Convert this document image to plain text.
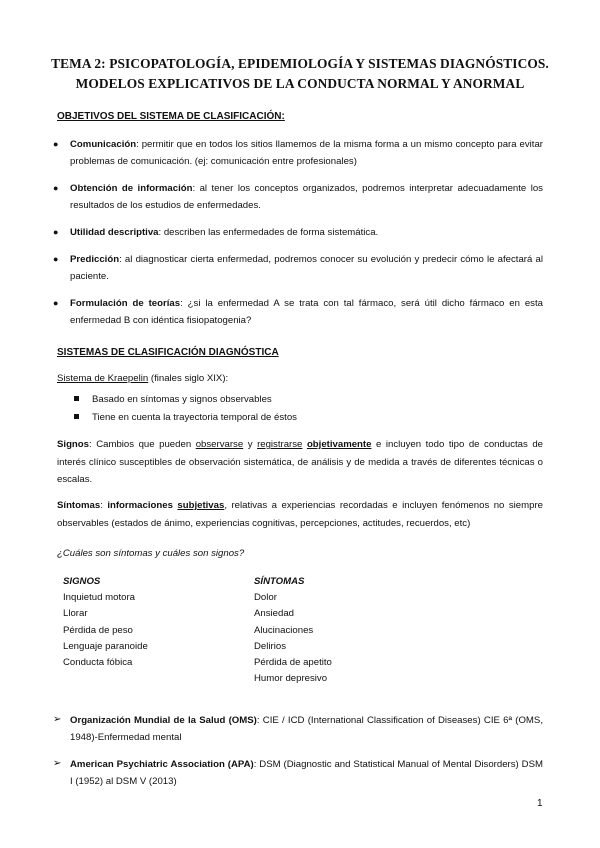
TEMA 2: PSICOPATOLOGÍA, EPIDEMIOLOGÍA Y SISTEMAS DIAGNÓSTICOS.
MODELOS EXPLICATIVOS DE LA CONDUCTA NORMAL Y ANORMAL
OBJETIVOS DEL SISTEMA DE CLASIFICACIÓN:
● Comunicación: permitir que en todos los sitios llamemos de la misma forma a un mismo concepto para evitar problemas de comunicación. (ej: comunicación entre profesionales)
● Obtención de información: al tener los conceptos organizados, podremos interpretar adecuadamente los resultados de los estudios de enfermedades.
● Utilidad descriptiva: describen las enfermedades de forma sistemática.
● Predicción: al diagnosticar cierta enfermedad, podremos conocer su evolución y predecir cómo le afectará al paciente.
● Formulación de teorías: ¿si la enfermedad A se trata con tal fármaco, será útil dicho fármaco en esta enfermedad B con idéntica fisiopatogenia?
SISTEMAS DE CLASIFICACIÓN DIAGNÓSTICA
Sistema de Kraepelin (finales siglo XIX):
Basado en síntomas y signos observables
Tiene en cuenta la trayectoria temporal de éstos
Signos: Cambios que pueden observarse y registrarse objetivamente e incluyen todo tipo de conductas de interés clínico susceptibles de observación sistemática, de análisis y de medida a través de diferentes técnicas o escalas.
Síntomas: informaciones subjetivas, relativas a experiencias recordadas e incluyen fenómenos no siempre observables (estados de ánimo, experiencias cognitivas, percepciones, actitudes, recuerdos, etc)
¿Cuáles son síntomas y cuáles son signos?
SIGNOS
Inquietud motora
Llorar
Pérdida de peso
Lenguaje paranoide
Conducta fóbica
SÍNTOMAS
Dolor
Ansiedad
Alucinaciones
Delirios
Pérdida de apetito
Humor depresivo
➢ Organización Mundial de la Salud (OMS): CIE / ICD (International Classification of Diseases) CIE 6ª (OMS, 1948)-Enfermedad mental
➢ American Psychiatric Association (APA): DSM (Diagnostic and Statistical Manual of Mental Disorders) DSM I (1952) al DSM V (2013)
1
